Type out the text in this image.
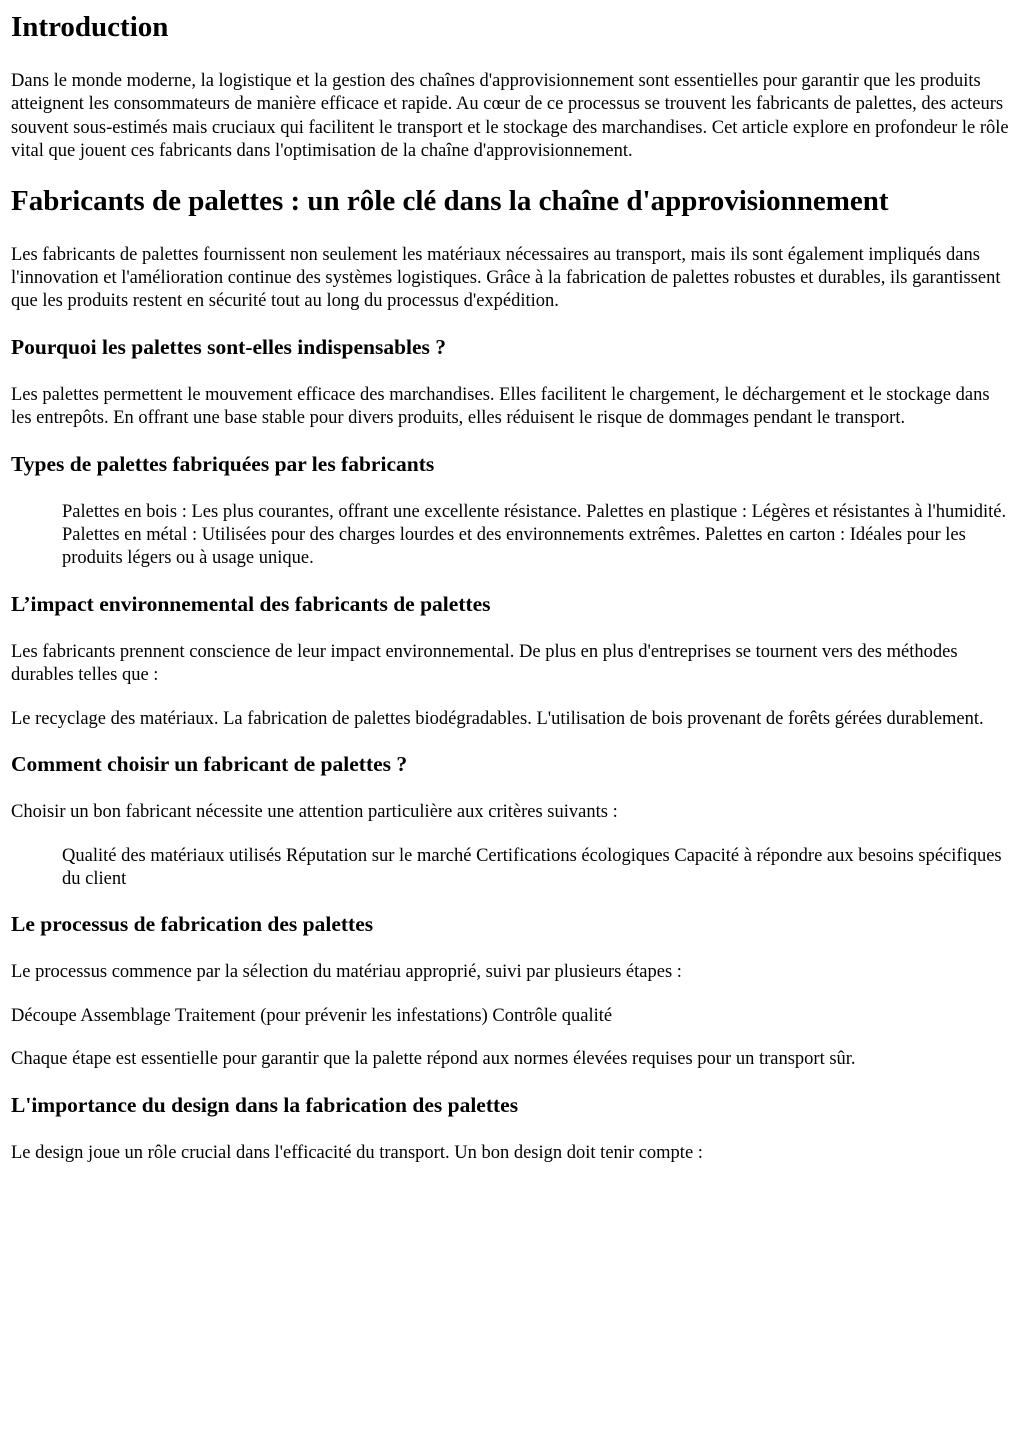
Introduction

Dans le monde moderne, la logistique et la gestion des chaînes d'approvisionnement sont essentielles pour garantir que les produits atteignent les consommateurs de manière efficace et rapide. Au cœur de ce processus se trouvent les fabricants de palettes, des acteurs souvent sous-estimés mais cruciaux qui facilitent le transport et le stockage des marchandises. Cet article explore en profondeur le rôle vital que jouent ces fabricants dans l'optimisation de la chaîne d'approvisionnement.

Fabricants de palettes : un rôle clé dans la chaîne d'approvisionnement

Les fabricants de palettes fournissent non seulement les matériaux nécessaires au transport, mais ils sont également impliqués dans l'innovation et l'amélioration continue des systèmes logistiques. Grâce à la fabrication de palettes robustes et durables, ils garantissent que les produits restent en sécurité tout au long du processus d'expédition.

Pourquoi les palettes sont-elles indispensables ?

Les palettes permettent le mouvement efficace des marchandises. Elles facilitent le chargement, le déchargement et le stockage dans les entrepôts. En offrant une base stable pour divers produits, elles réduisent le risque de dommages pendant le transport.

Types de palettes fabriquées par les fabricants
Palettes en bois : Les plus courantes, offrant une excellente résistance. Palettes en plastique : Légères et résistantes à l'humidité. Palettes en métal : Utilisées pour des charges lourdes et des environnements extrêmes. Palettes en carton : Idéales pour les produits légers ou à usage unique.
L’impact environnemental des fabricants de palettes

Les fabricants prennent conscience de leur impact environnemental. De plus en plus d'entreprises se tournent vers des méthodes durables telles que :

Le recyclage des matériaux. La fabrication de palettes biodégradables. L'utilisation de bois provenant de forêts gérées durablement.

Comment choisir un fabricant de palettes ?

Choisir un bon fabricant nécessite une attention particulière aux critères suivants :

Qualité des matériaux utilisés Réputation sur le marché Certifications écologiques Capacité à répondre aux besoins spécifiques du client
Le processus de fabrication des palettes

Le processus commence par la sélection du matériau approprié, suivi par plusieurs étapes :

Découpe Assemblage Traitement (pour prévenir les infestations) Contrôle qualité

Chaque étape est essentielle pour garantir que la palette répond aux normes élevées requises pour un transport sûr.

L'importance du design dans la fabrication des palettes

Le design joue un rôle crucial dans l'efficacité du transport. Un bon design doit tenir compte :
